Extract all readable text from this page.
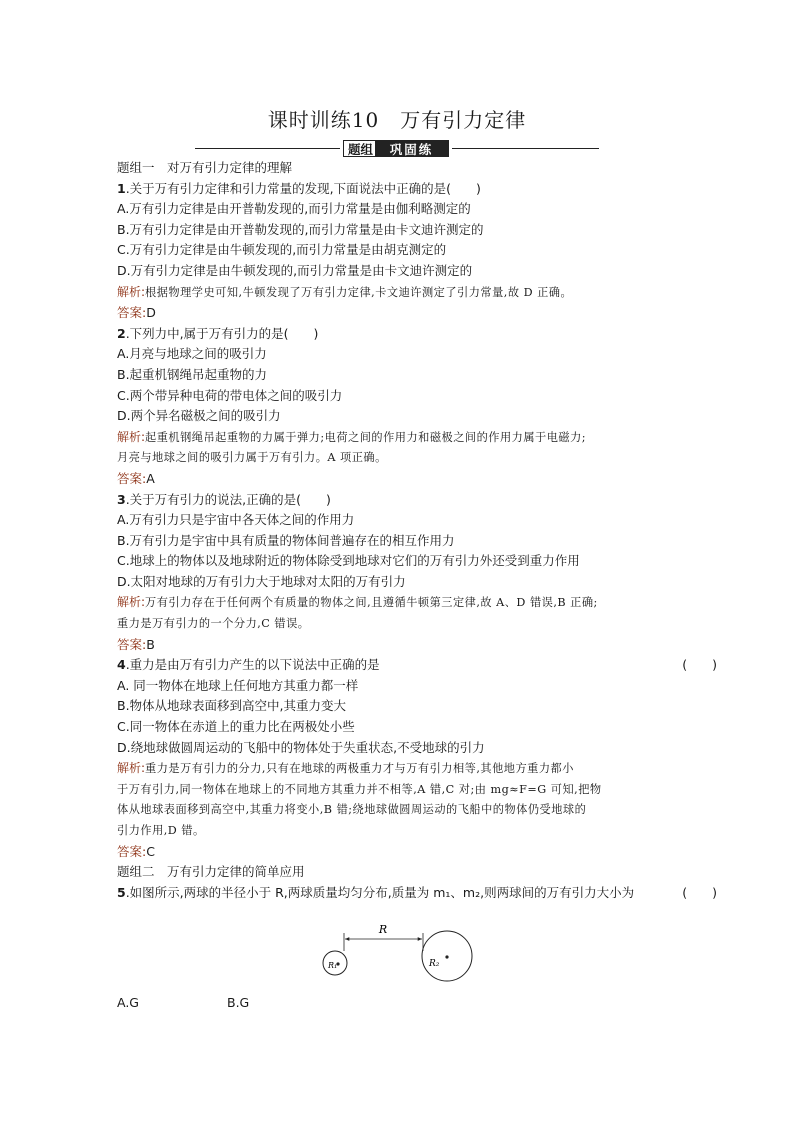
课时训练10　万有引力定律
题组	巩固练
题组一　对万有引力定律的理解
1.关于万有引力定律和引力常量的发现,下面说法中正确的是(　　)
A.万有引力定律是由开普勒发现的,而引力常量是由伽利略测定的
B.万有引力定律是由开普勒发现的,而引力常量是由卡文迪许测定的
C.万有引力定律是由牛顿发现的,而引力常量是由胡克测定的
D.万有引力定律是由牛顿发现的,而引力常量是由卡文迪许测定的
解析:根据物理学史可知,牛顿发现了万有引力定律,卡文迪许测定了引力常量,故 D 正确。
答案:D
2.下列力中,属于万有引力的是(　　)
A.月亮与地球之间的吸引力
B.起重机钢绳吊起重物的力
C.两个带异种电荷的带电体之间的吸引力
D.两个异名磁极之间的吸引力
解析:起重机钢绳吊起重物的力属于弹力;电荷之间的作用力和磁极之间的作用力属于电磁力;
月亮与地球之间的吸引力属于万有引力。A 项正确。
答案:A
3.关于万有引力的说法,正确的是(　　)
A.万有引力只是宇宙中各天体之间的作用力
B.万有引力是宇宙中具有质量的物体间普遍存在的相互作用力
C.地球上的物体以及地球附近的物体除受到地球对它们的万有引力外还受到重力作用
D.太阳对地球的万有引力大于地球对太阳的万有引力
解析:万有引力存在于任何两个有质量的物体之间,且遵循牛顿第三定律,故 A、D 错误,B 正确;
重力是万有引力的一个分力,C 错误。
答案:B
4.重力是由万有引力产生的以下说法中正确的是	(　　)
A. 同一物体在地球上任何地方其重力都一样
B.物体从地球表面移到高空中,其重力变大
C.同一物体在赤道上的重力比在两极处小些
D.绕地球做圆周运动的飞船中的物体处于失重状态,不受地球的引力
解析:重力是万有引力的分力,只有在地球的两极重力才与万有引力相等,其他地方重力都小
于万有引力,同一物体在地球上的不同地方其重力并不相等,A 错,C 对;由 mg≈F=G 可知,把物
体从地球表面移到高空中,其重力将变小,B 错;绕地球做圆周运动的飞船中的物体仍受地球的
引力作用,D 错。
答案:C
题组二　万有引力定律的简单应用
5.如图所示,两球的半径小于 R,两球质量均匀分布,质量为 m₁、m₂,则两球间的万有引力大小为	(　　)
R
R₁	R₂
A.G	B.G
